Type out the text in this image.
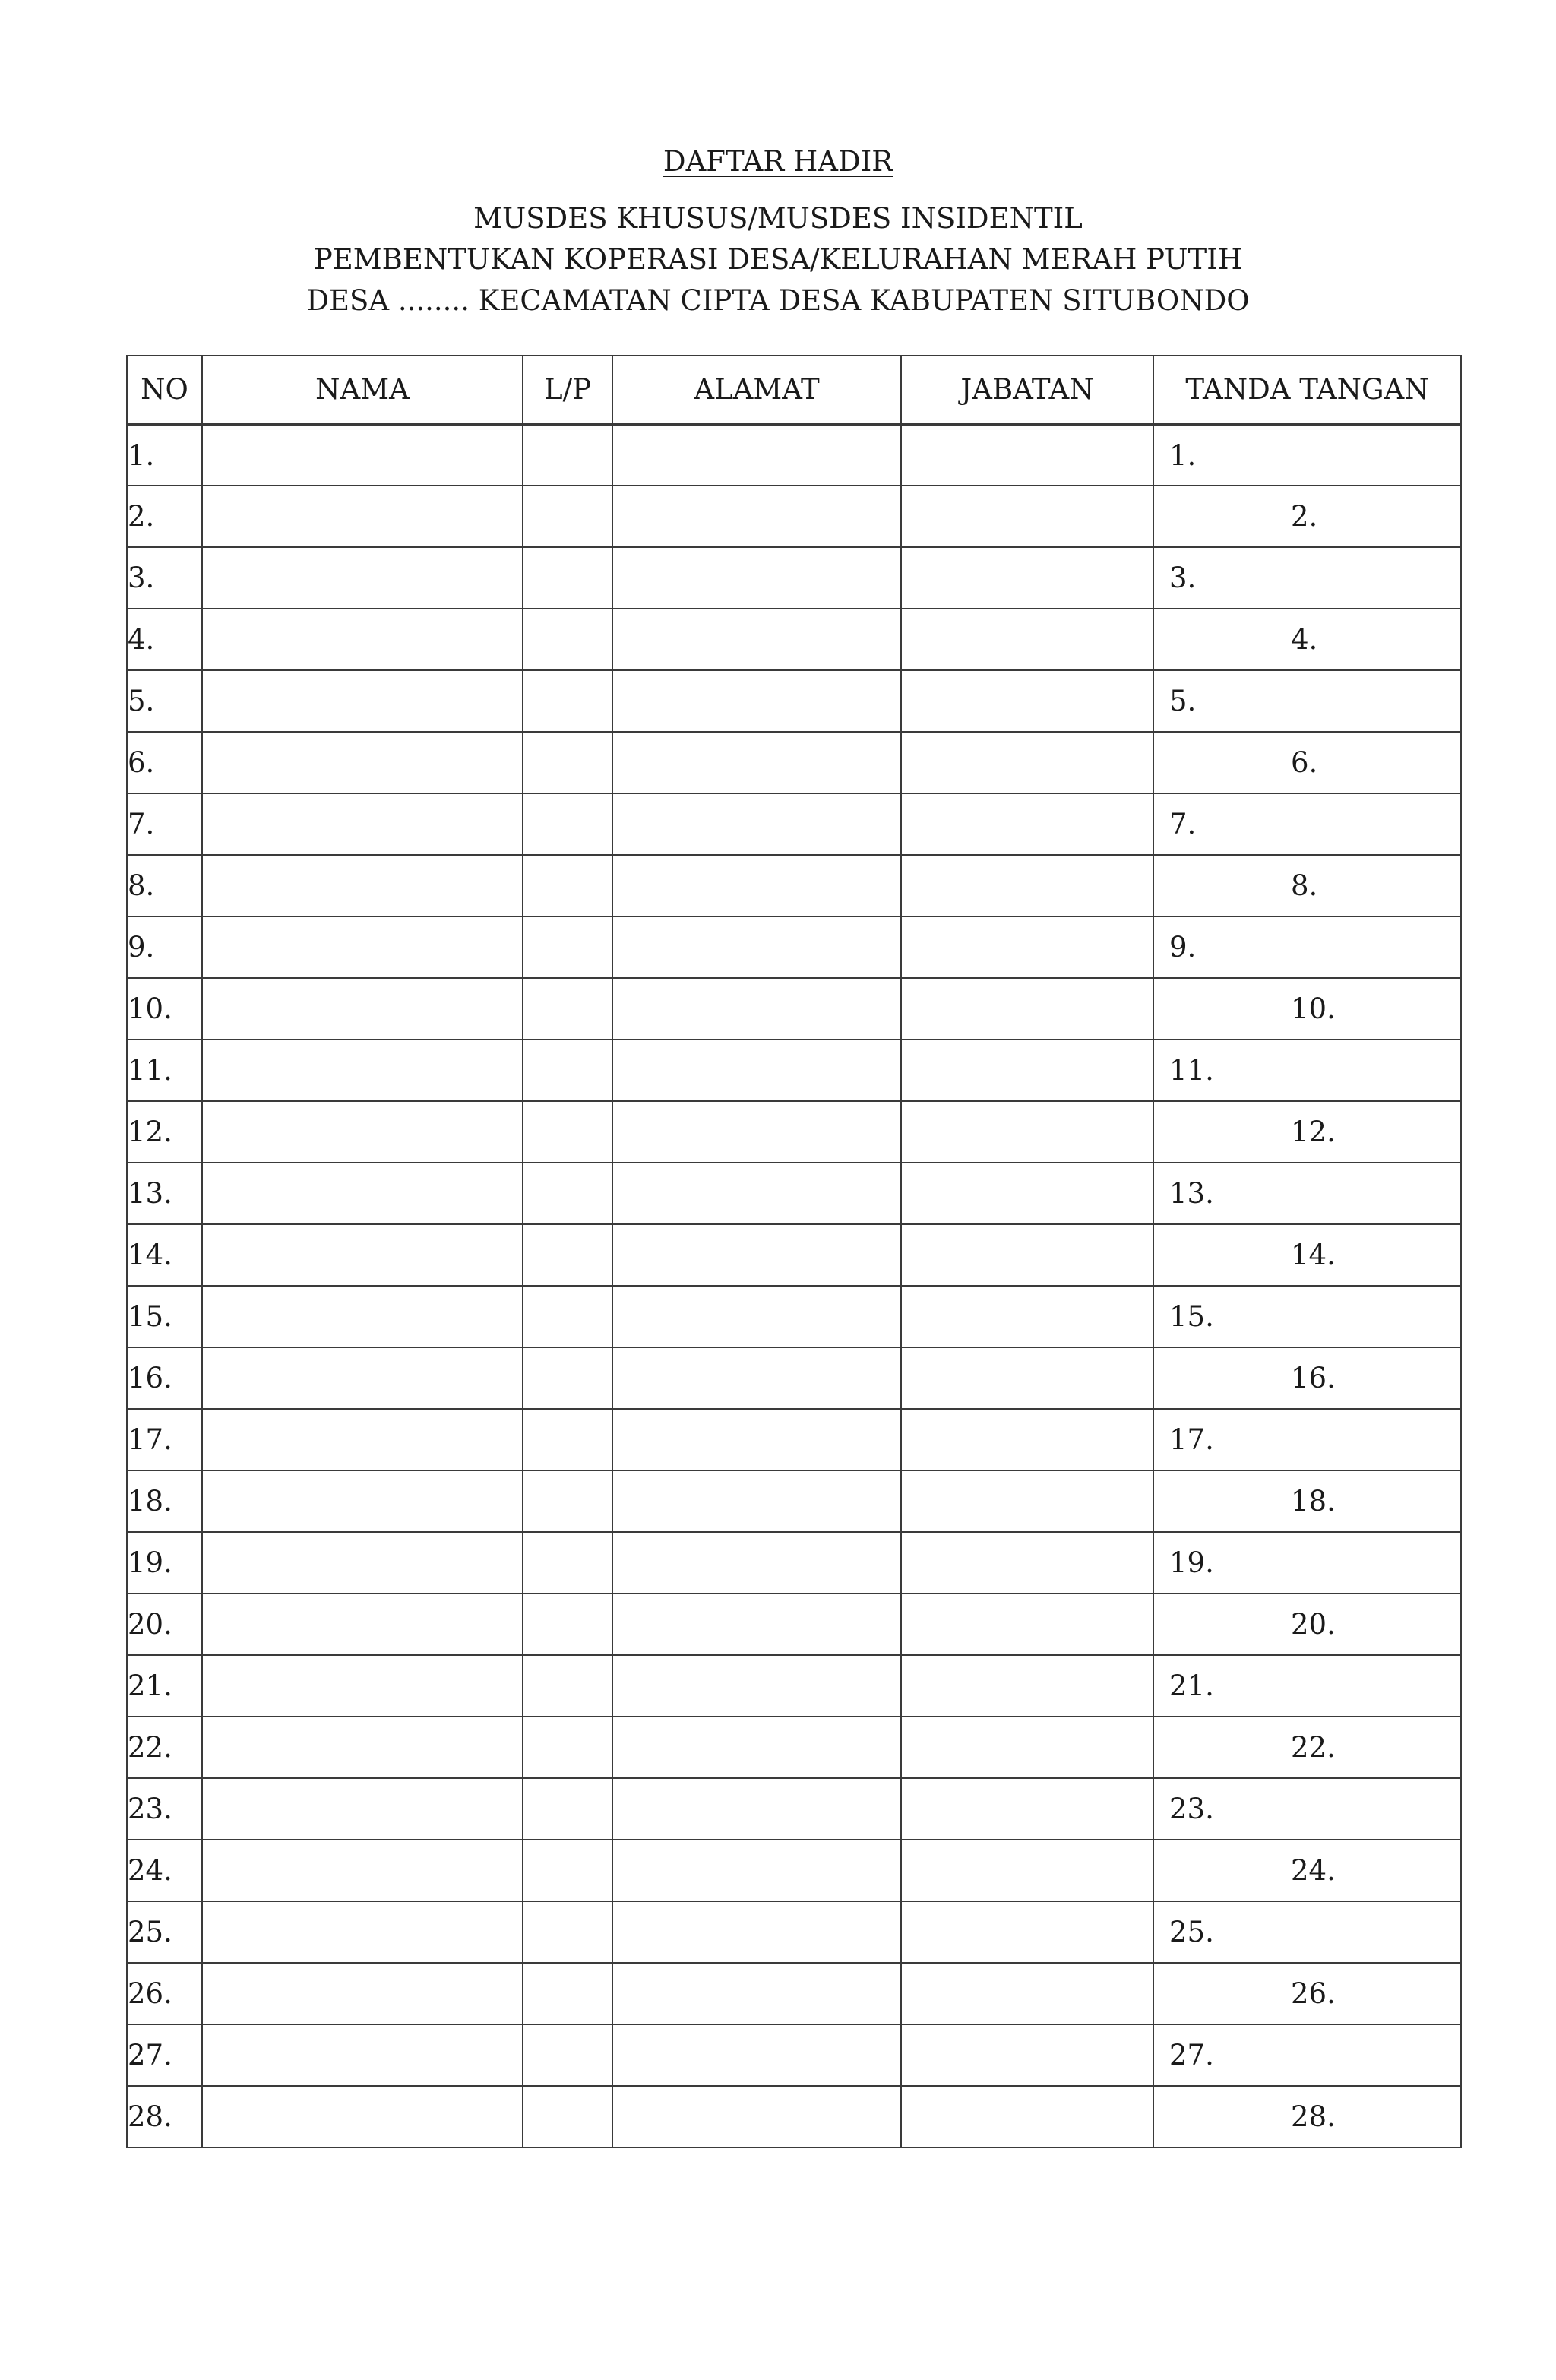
DAFTAR HADIR
MUSDES KHUSUS/MUSDES INSIDENTIL
PEMBENTUKAN KOPERASI DESA/KELURAHAN MERAH PUTIH
DESA ........ KECAMATAN CIPTA DESA KABUPATEN SITUBONDO
NO	NAMA	L/P	ALAMAT	JABATAN	TANDA TANGAN
1.					1.

2.					2.

3.					3.

4.					4.

5.					5.

6.					6.

7.					7.

8.					8.

9.					9.

10.					10.

11.					11.

12.					12.

13.					13.

14.					14.

15.					15.

16.					16.

17.					17.

18.					18.

19.					19.

20.					20.

21.					21.

22.					22.

23.					23.

24.					24.

25.					25.

26.					26.

27.					27.

28.					28.
